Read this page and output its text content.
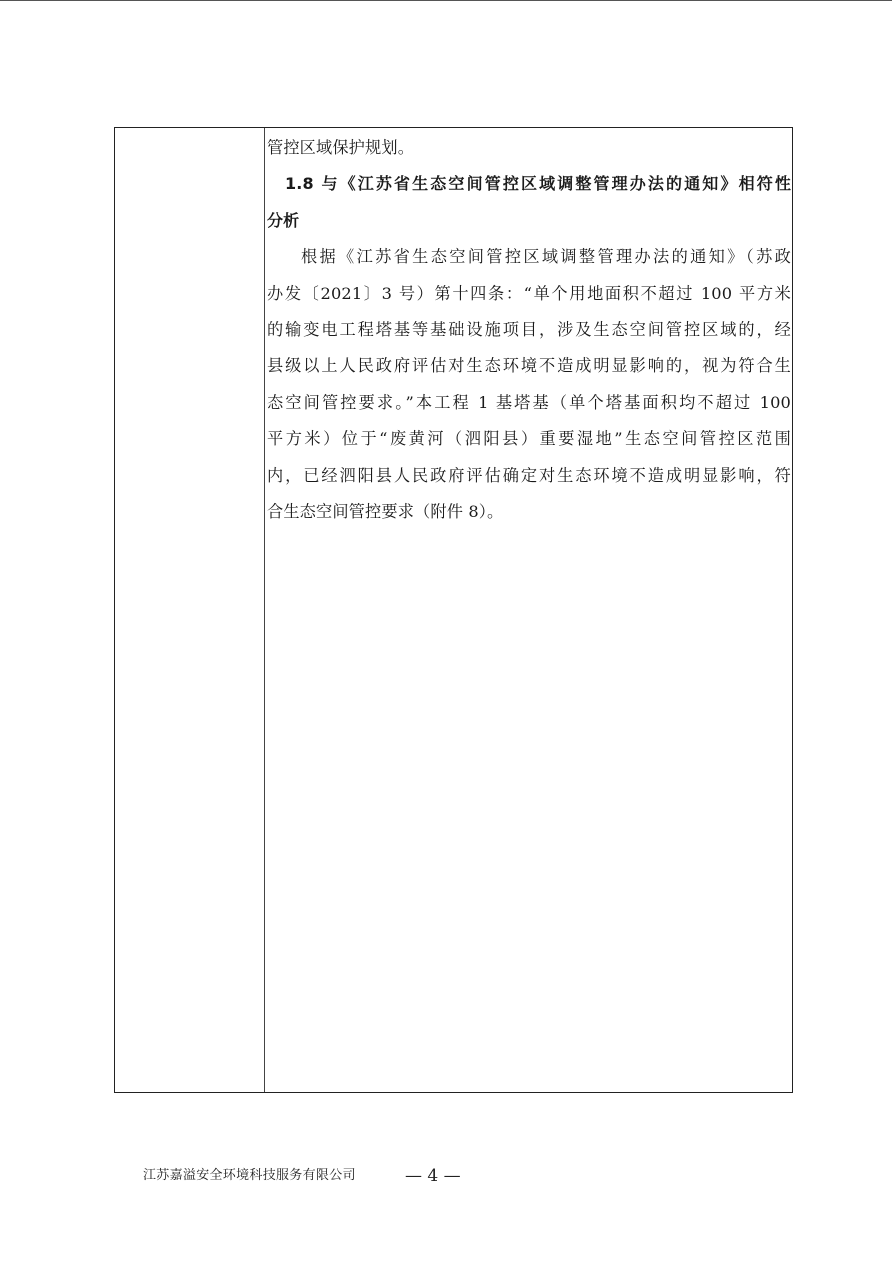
管控区域保护规划。
1.8 与《江苏省生态空间管控区域调整管理办法的通知》相符性
分析
根据《江苏省生态空间管控区域调整管理办法的通知》（苏政
办发〔2021〕3 号）第十四条：“单个用地面积不超过 100 平方米
的输变电工程塔基等基础设施项目，涉及生态空间管控区域的，经
县级以上人民政府评估对生态环境不造成明显影响的，视为符合生
态空间管控要求。”本工程 1 基塔基（单个塔基面积均不超过 100
平方米）位于“废黄河（泗阳县）重要湿地”生态空间管控区范围
内，已经泗阳县人民政府评估确定对生态环境不造成明显影响，符
合生态空间管控要求（附件 8）。
江苏嘉溢安全环境科技服务有限公司	— 4 —
